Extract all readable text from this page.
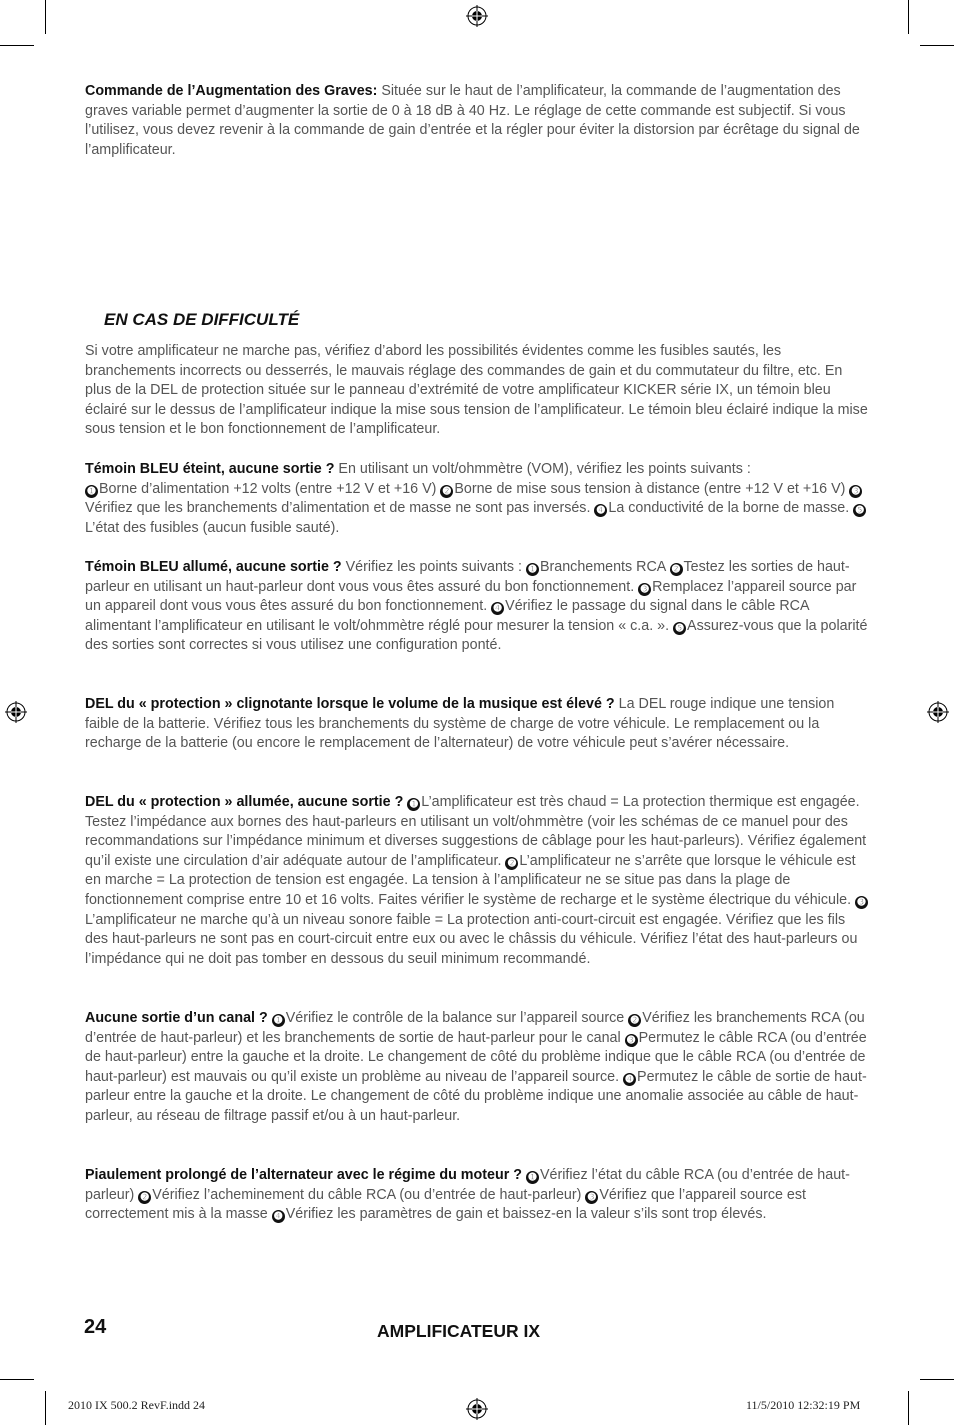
Commande de l’Augmentation des Graves: Située sur le haut de l’amplificateur, la commande de l’augmentation des graves variable permet d’augmenter la sortie de 0 à 18 dB à 40 Hz. Le réglage de cette commande est subjectif. Si vous l’utilisez, vous devez revenir à la commande de gain d’entrée et la régler pour éviter la distorsion par écrêtage du signal de l’amplificateur.

EN CAS DE DIFFICULTÉ

Si votre amplificateur ne marche pas, vérifiez d’abord les possibilités évidentes comme les fusibles sautés, les branchements incorrects ou desserrés, le mauvais réglage des commandes de gain et du commutateur du filtre, etc. En plus de la DEL de protection située sur le panneau d’extrémité de votre amplificateur KICKER série IX, un témoin bleu éclairé sur le dessus de l’amplificateur indique la mise sous tension de l’amplificateur. Le témoin bleu éclairé indique la mise sous tension et le bon fonctionnement de l’amplificateur.

Témoin BLEU éteint, aucune sortie ? En utilisant un volt/ohmmètre (VOM), vérifiez les points suivants :
➊ Borne d’alimentation +12 volts (entre +12 V et +16 V) ➋ Borne de mise sous tension à distance (entre +12 V et +16 V) ➌Vérifiez que les branchements d’alimentation et de masse ne sont pas inversés. ➍ La conductivité de la borne de masse. ➎L’état des fusibles (aucun fusible sauté).

Témoin BLEU allumé, aucune sortie ? Vérifiez les points suivants : ➊ Branchements RCA ➋ Testez les sorties de haut-parleur en utilisant un haut-parleur dont vous vous êtes assuré du bon fonctionnement. ➌ Remplacez l’appareil source par un appareil dont vous vous êtes assuré du bon fonctionnement. ➍ Vérifiez le passage du signal dans le câble RCA alimentant l’amplificateur en utilisant le volt/ohmmètre réglé pour mesurer la tension « c.a. ». ➎ Assurez-vous que la polarité des sorties sont correctes si vous utilisez une configuration ponté.

DEL du « protection » clignotante lorsque le volume de la musique est élevé ? La DEL rouge indique une tension faible de la batterie. Vérifiez tous les branchements du système de charge de votre véhicule. Le remplacement ou la recharge de la batterie (ou encore le remplacement de l’alternateur) de votre véhicule peut s’avérer nécessaire.

DEL du « protection » allumée, aucune sortie ? ➊ L’amplificateur est très chaud = La protection thermique est engagée. Testez l’impédance aux bornes des haut-parleurs en utilisant un volt/ohmmètre (voir les schémas de ce manuel pour des recommandations sur l’impédance minimum et diverses suggestions de câblage pour les haut-parleurs). Vérifiez également qu’il existe une circulation d’air adéquate autour de l’amplificateur. ➋ L’amplificateur ne s’arrête que lorsque le véhicule est en marche = La protection de tension est engagée. La tension à l’amplificateur ne se situe pas dans la plage de fonctionnement comprise entre 10 et 16 volts. Faites vérifier le système de recharge et le système électrique du véhicule. ➌L’amplificateur ne marche qu’à un niveau sonore faible = La protection anti-court-circuit est engagée. Vérifiez que les fils des haut-parleurs ne sont pas en court-circuit entre eux ou avec le châssis du véhicule. Vérifiez l’état des haut-parleurs ou l’impédance qui ne doit pas tomber en dessous du seuil minimum recommandé.

Aucune sortie d’un canal ? ➊ Vérifiez le contrôle de la balance sur l’appareil source ➋ Vérifiez les branchements RCA (ou d’entrée de haut-parleur) et les branchements de sortie de haut-parleur pour le canal ➌ Permutez le câble RCA (ou d’entrée de haut-parleur) entre la gauche et la droite. Le changement de côté du problème indique que le câble RCA (ou d’entrée de haut-parleur) est mauvais ou qu’il existe un problème au niveau de l’appareil source. ➍ Permutez le câble de sortie de haut-parleur entre la gauche et la droite. Le changement de côté du problème indique une anomalie associée au câble de haut-parleur, au réseau de filtrage passif et/ou à un haut-parleur.

Piaulement prolongé de l’alternateur avec le régime du moteur ? ➊ Vérifiez l’état du câble RCA (ou d’entrée de haut-parleur) ➋ Vérifiez l’acheminement du câble RCA (ou d’entrée de haut-parleur) ➌ Vérifiez que l’appareil source est correctement mis à la masse ➍ Vérifiez les paramètres de gain et baissez-en la valeur s’ils sont trop élevés.

24	AMPLIFICATEUR IX
2010 IX 500.2 RevF.indd 24	11/5/2010 12:32:19 PM
